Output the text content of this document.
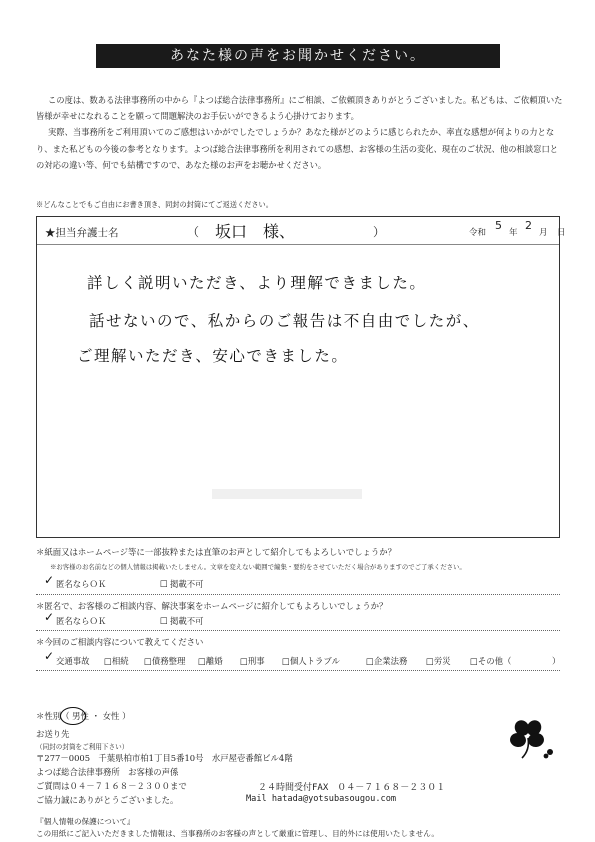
あなた様の声をお聞かせください。

この度は、数ある法律事務所の中から『よつば総合法律事務所』にご相談、ご依頼頂きありがとうございました。私どもは、ご依頼頂いた皆様が幸せになれることを願って問題解決のお手伝いができるよう心掛けております。

実際、当事務所をご利用頂いてのご感想はいかがでしたでしょうか？あなた様がどのように感じられたか、率直な感想が何よりの力となり、また私どもの今後の参考となります。よつば総合法律事務所を利用されての感想、お客様の生活の変化、現在のご状況、他の相談窓口との対応の違い等、何でも結構ですので、あなた様のお声をお聴かせください。

※どんなことでもご自由にお書き頂き、同封の封筒にてご返送ください。
★担当弁護士名	（ 坂口　様、	）	令和
5
年
2
月 日
詳しく説明いただき、より理解できました。
話せないので、私からのご報告は不自由でしたが、
ご理解いただき、安心できました。
＊紙面又はホームページ等に一部抜粋または直筆のお声として紹介してもよろしいでしょうか？
※お客様のお名前などの個人情報は掲載いたしません。文章を変えない範囲で編集・要約をさせていただく場合がありますのでご了承ください。
✓ 匿名ならＯＫ	□ 掲載不可
＊匿名で、お客様のご相談内容、解決事案をホームページに紹介してもよろしいでしょうか？
✓ 匿名ならＯＫ	□ 掲載不可
＊今回のご相談内容について教えてください
✓ 交通事故 □相続 □債務整理 □離婚 □刑事 □個人トラブル	□企業法務 □労災 □その他（	）
＊性別（ 男性 ・ 女性 ）
お送り先
（同封の封筒をご利用下さい）
〒277－0005　千葉県柏市柏1丁目5番10号　水戸屋壱番館ビル4階
よつば総合法律事務所　お客様の声係
ご質問は０４－７１６８－２３００まで
ご協力誠にありがとうございました。
２４時間受付FAX　０４－７１６８－２３０１
Mail hatada@yotsubasougou.com
『個人情報の保護について』
この用紙にご記入いただきました情報は、当事務所のお客様の声として厳重に管理し、目的外には使用いたしません。
